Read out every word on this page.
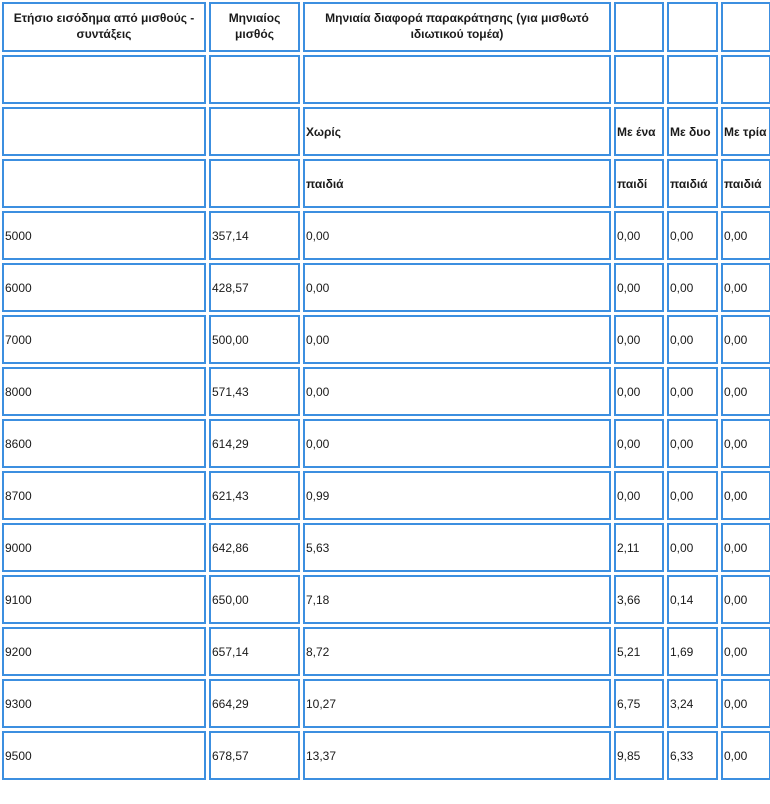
Ετήσιο εισόδημα από μισθούς - συντάξεις	Μηνιαίος μισθός	Μηνιαία διαφορά παρακράτησης (για μισθωτό ιδιωτικού τομέα)			

		Χωρίς	Με ένα	Με δυο	Με τρία

		παιδιά	παιδί	παιδιά	παιδιά

5000	357,14	0,00	0,00	0,00	0,00
6000	428,57	0,00	0,00	0,00	0,00
7000	500,00	0,00	0,00	0,00	0,00
8000	571,43	0,00	0,00	0,00	0,00
8600	614,29	0,00	0,00	0,00	0,00
8700	621,43	0,99	0,00	0,00	0,00
9000	642,86	5,63	2,11	0,00	0,00
9100	650,00	7,18	3,66	0,14	0,00
9200	657,14	8,72	5,21	1,69	0,00
9300	664,29	10,27	6,75	3,24	0,00
9500	678,57	13,37	9,85	6,33	0,00
